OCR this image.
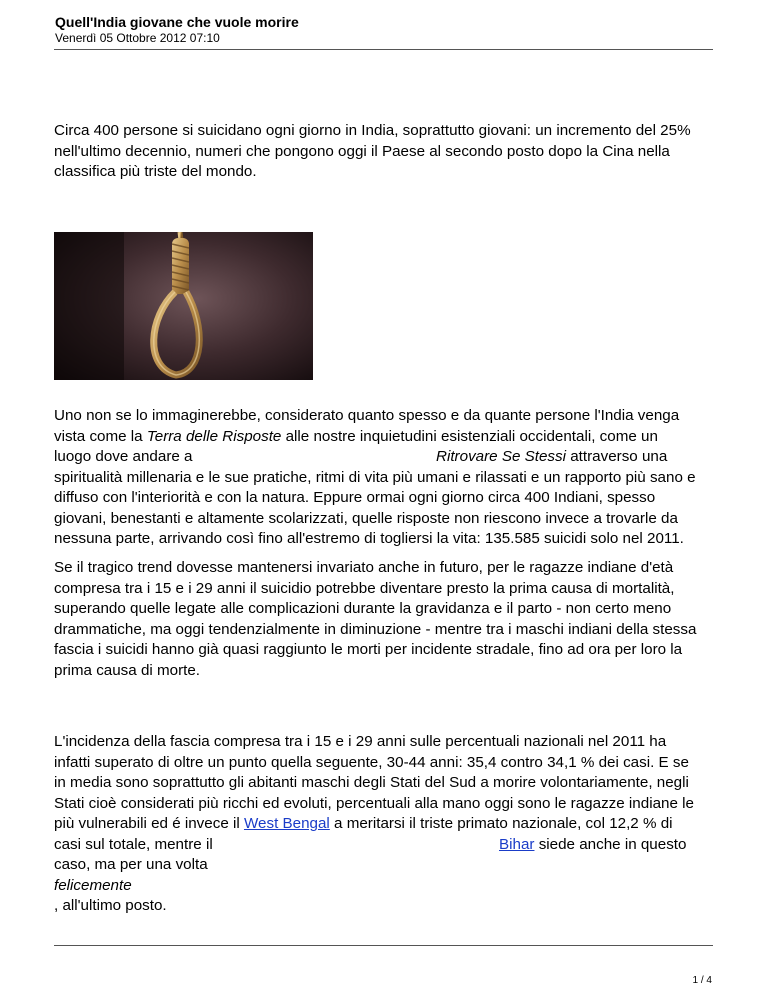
Quell'India giovane che vuole morire
Venerdì 05 Ottobre 2012 07:10

Circa 400 persone si suicidano ogni giorno in India, soprattutto giovani: un incremento del 25%

nell'ultimo decennio, numeri che pongono oggi il Paese al secondo posto dopo la Cina nella

classifica più triste del mondo.

Uno non se lo immaginerebbe, considerato quanto spesso e da quante persone l'India venga

vista come la Terra delle Risposte alle nostre inquietudini esistenziali occidentali, come un

luogo dove andare a	Ritrovare Se Stessi attraverso una

spiritualità millenaria e le sue pratiche, ritmi di vita più umani e rilassati e un rapporto più sano e

diffuso con l'interiorità e con la natura. Eppure ormai ogni giorno circa 400 Indiani, spesso

giovani, benestanti e altamente scolarizzati, quelle risposte non riescono invece a trovarle da

nessuna parte, arrivando così fino all'estremo di togliersi la vita: 135.585 suicidi solo nel 2011.

Se il tragico trend dovesse mantenersi invariato anche in futuro, per le ragazze indiane d'età

compresa tra i 15 e i 29 anni il suicidio potrebbe diventare presto la prima causa di mortalità,

superando quelle legate alle complicazioni durante la gravidanza e il parto - non certo meno

drammatiche, ma oggi tendenzialmente in diminuzione - mentre tra i maschi indiani della stessa

fascia i suicidi hanno già quasi raggiunto le morti per incidente stradale, fino ad ora per loro la

prima causa di morte.

L'incidenza della fascia compresa tra i 15 e i 29 anni sulle percentuali nazionali nel 2011 ha

infatti superato di oltre un punto quella seguente, 30-44 anni: 35,4 contro 34,1 % dei casi. E se

in media sono soprattutto gli abitanti maschi degli Stati del Sud a morire volontariamente, negli

Stati cioè considerati più ricchi ed evoluti, percentuali alla mano oggi sono le ragazze indiane le

più vulnerabili ed é invece il West Bengal a meritarsi il triste primato nazionale, col 12,2 % di

casi sul totale, mentre il	Bihar siede anche in questo

caso, ma per una volta

felicemente

, all'ultimo posto.

1 / 4
